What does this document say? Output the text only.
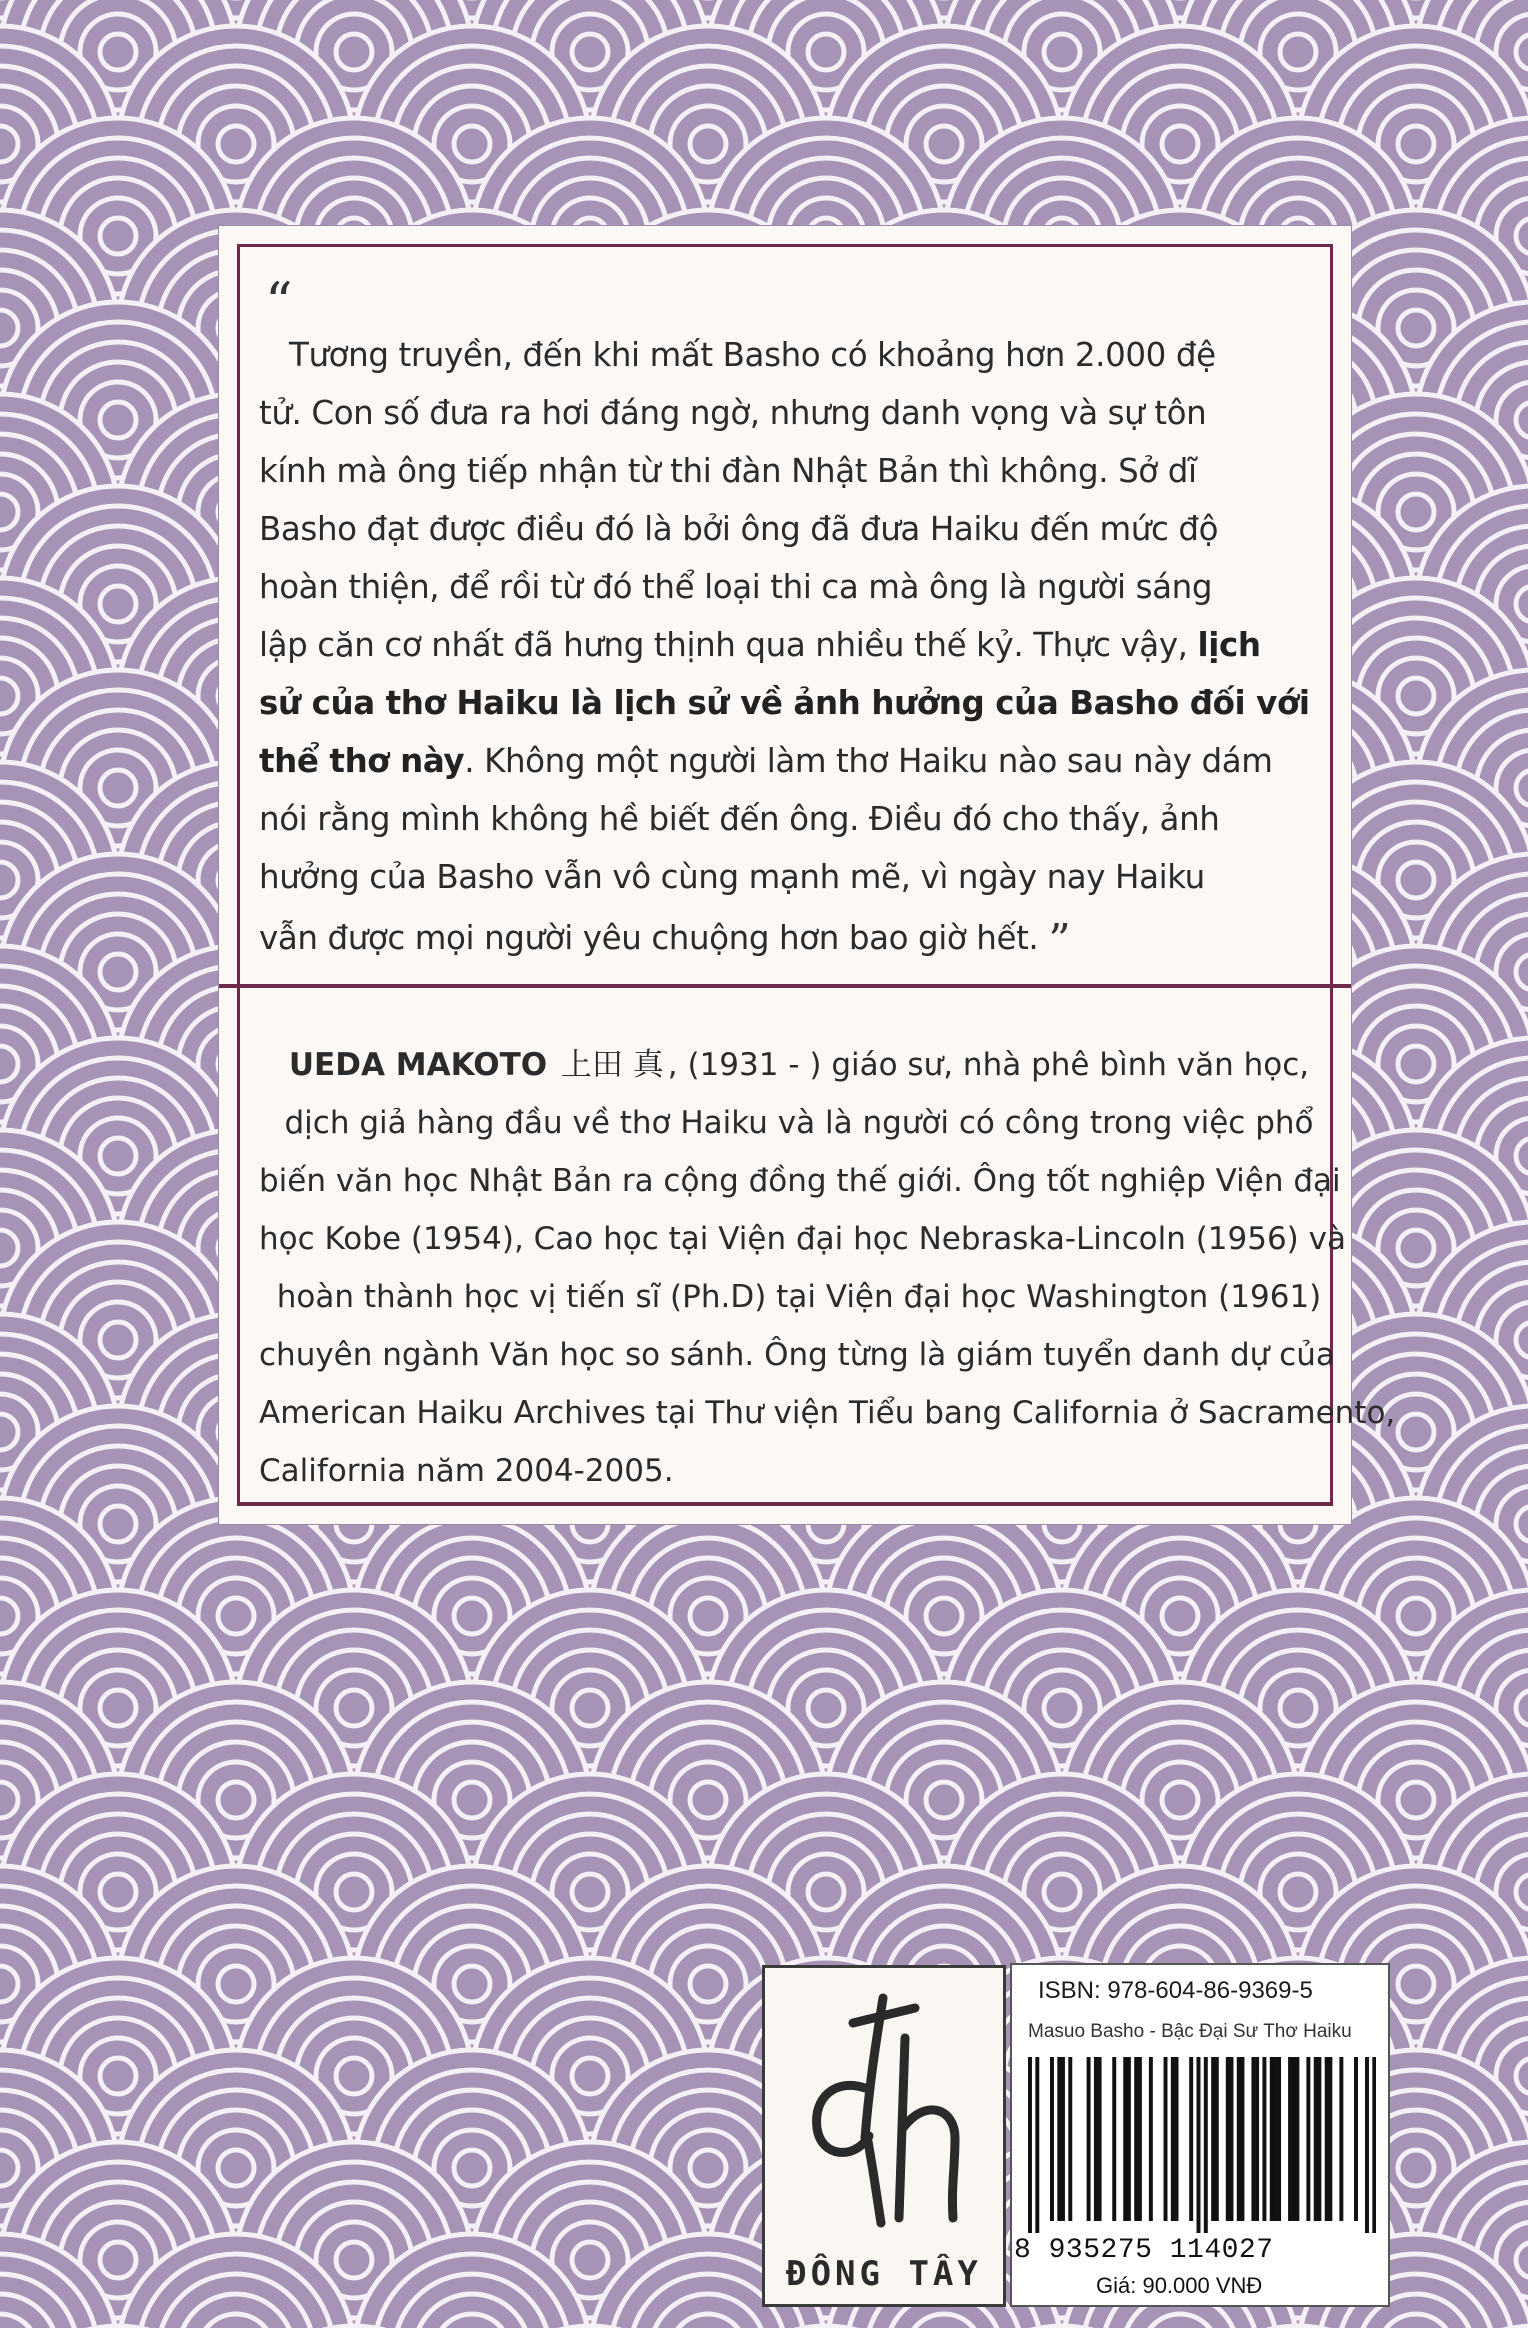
“
Tương truyền, đến khi mất Basho có khoảng hơn 2.000 đệ
tử. Con số đưa ra hơi đáng ngờ, nhưng danh vọng và sự tôn
kính mà ông tiếp nhận từ thi đàn Nhật Bản thì không. Sở dĩ
Basho đạt được điều đó là bởi ông đã đưa Haiku đến mức độ
hoàn thiện, để rồi từ đó thể loại thi ca mà ông là người sáng
lập căn cơ nhất đã hưng thịnh qua nhiều thế kỷ. Thực vậy, lịch
sử của thơ Haiku là lịch sử về ảnh hưởng của Basho đối với
thể thơ này. Không một người làm thơ Haiku nào sau này dám
nói rằng mình không hề biết đến ông. Điều đó cho thấy, ảnh
hưởng của Basho vẫn vô cùng mạnh mẽ, vì ngày nay Haiku
vẫn được mọi người yêu chuộng hơn bao giờ hết. ”
UEDA MAKOTO 上田 真 , (1931 - ) giáo sư, nhà phê bình văn học,
dịch giả hàng đầu về thơ Haiku và là người có công trong việc phổ
biến văn học Nhật Bản ra cộng đồng thế giới. Ông tốt nghiệp Viện đại
học Kobe (1954), Cao học tại Viện đại học Nebraska-Lincoln (1956) và
hoàn thành học vị tiến sĩ (Ph.D) tại Viện đại học Washington (1961)
chuyên ngành Văn học so sánh. Ông từng là giám tuyển danh dự của
American Haiku Archives tại Thư viện Tiểu bang California ở Sacramento,
California năm 2004-2005.
ĐÔNG TÂY
ISBN: 978-604-86-9369-5
Masuo Basho - Bậc Đại Sư Thơ Haiku
8 935275 114027
Giá: 90.000 VNĐ
